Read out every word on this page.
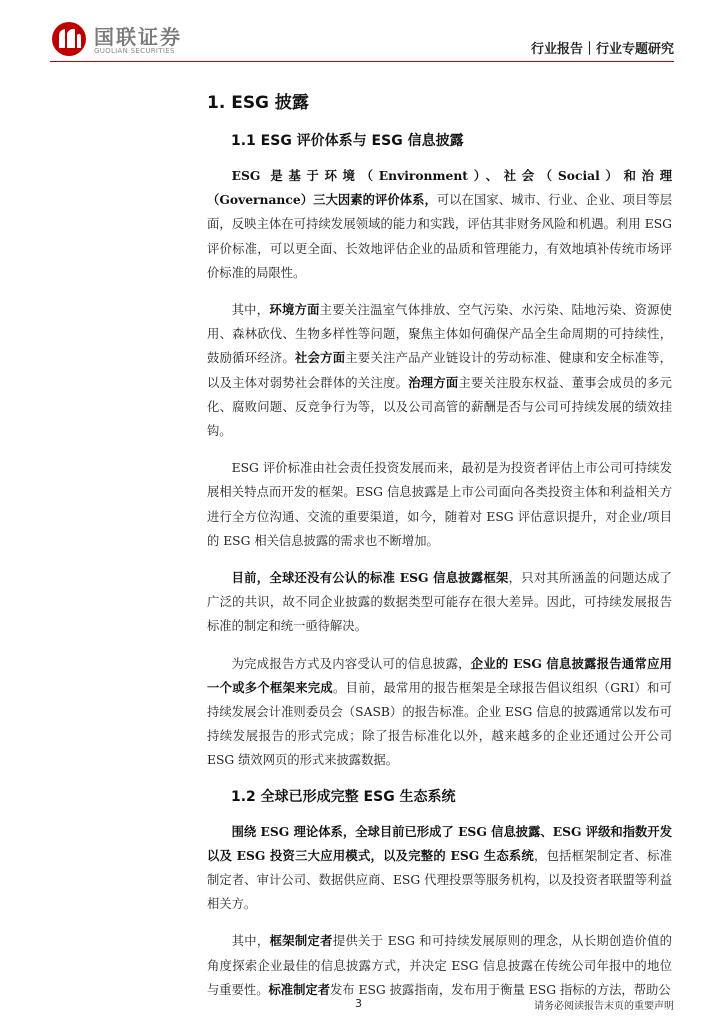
国联证券
GUOLIAN SECURITIES	行业报告｜行业专题研究
1. ESG 披露
1.1 ESG 评价体系与 ESG 信息披露

ESG 是基于环境（Environment）、社会（Social）和治理（Governance）三大因素的评价体系，可以在国家、城市、行业、企业、项目等层面，反映主体在可持续发展领域的能力和实践，评估其非财务风险和机遇。利用 ESG 评价标准，可以更全面、长效地评估企业的品质和管理能力，有效地填补传统市场评价标准的局限性。

其中，环境方面主要关注温室气体排放、空气污染、水污染、陆地污染、资源使用、森林砍伐、生物多样性等问题，聚焦主体如何确保产品全生命周期的可持续性，鼓励循环经济。社会方面主要关注产品产业链设计的劳动标准、健康和安全标准等，以及主体对弱势社会群体的关注度。治理方面主要关注股东权益、董事会成员的多元化、腐败问题、反竞争行为等，以及公司高管的薪酬是否与公司可持续发展的绩效挂钩。

ESG 评价标准由社会责任投资发展而来，最初是为投资者评估上市公司可持续发展相关特点而开发的框架。ESG 信息披露是上市公司面向各类投资主体和利益相关方进行全方位沟通、交流的重要渠道，如今，随着对 ESG 评估意识提升，对企业/项目的 ESG 相关信息披露的需求也不断增加。

目前，全球还没有公认的标准 ESG 信息披露框架，只对其所涵盖的问题达成了广泛的共识，故不同企业披露的数据类型可能存在很大差异。因此，可持续发展报告标准的制定和统一亟待解决。

为完成报告方式及内容受认可的信息披露，企业的 ESG 信息披露报告通常应用一个或多个框架来完成。目前，最常用的报告框架是全球报告倡议组织（GRI）和可持续发展会计准则委员会（SASB）的报告标准。企业 ESG 信息的披露通常以发布可持续发展报告的形式完成；除了报告标准化以外，越来越多的企业还通过公开公司 ESG 绩效网页的形式来披露数据。

1.2 全球已形成完整 ESG 生态系统

围绕 ESG 理论体系，全球目前已形成了 ESG 信息披露、ESG 评级和指数开发以及 ESG 投资三大应用模式，以及完整的 ESG 生态系统，包括框架制定者、标准制定者、审计公司、数据供应商、ESG 代理投票等服务机构，以及投资者联盟等利益相关方。

其中，框架制定者提供关于 ESG 和可持续发展原则的理念，从长期创造价值的角度探索企业最佳的信息披露方式，并决定 ESG 信息披露在传统公司年报中的地位与重要性。标准制定者发布 ESG 披露指南，发布用于衡量 ESG 指标的方法，帮助公

3	请务必阅读报告末页的重要声明
